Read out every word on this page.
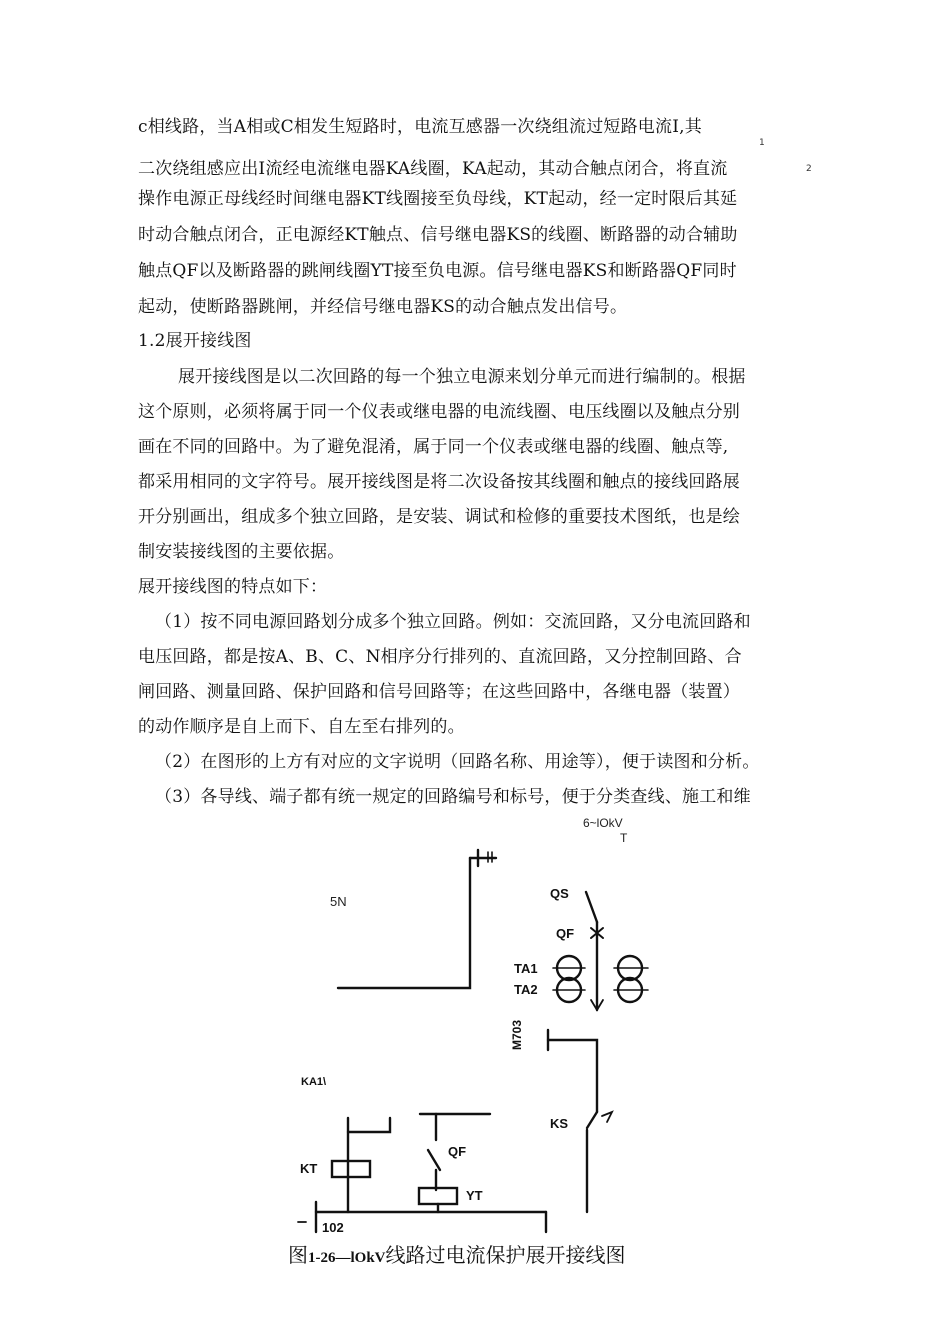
c相线路，当A相或C相发生短路时，电流互感器一次绕组流过短路电流I,其
1
二次绕组感应出I流经电流继电器KA线圈，KA起动，其动合触点闭合，将直流	2
操作电源正母线经时间继电器KT线圈接至负母线，KT起动，经一定时限后其延
时动合触点闭合，正电源经KT触点、信号继电器KS的线圈、断路器的动合辅助
触点QF以及断路器的跳闸线圈YT接至负电源。信号继电器KS和断路器QF同时
起动，使断路器跳闸，并经信号继电器KS的动合触点发出信号。
1.2展开接线图
展开接线图是以二次回路的每一个独立电源来划分单元而进行编制的。根据
这个原则，必须将属于同一个仪表或继电器的电流线圈、电压线圈以及触点分别
画在不同的回路中。为了避免混淆，属于同一个仪表或继电器的线圈、触点等,
都采用相同的文字符号。展开接线图是将二次设备按其线圈和触点的接线回路展
开分别画出，组成多个独立回路，是安装、调试和检修的重要技术图纸，也是绘
制安装接线图的主要依据。
展开接线图的特点如下：
（1）按不同电源回路划分成多个独立回路。例如：交流回路，又分电流回路和
电压回路，都是按A、B、C、N相序分行排列的、直流回路，又分控制回路、合
闸回路、测量回路、保护回路和信号回路等；在这些回路中，各继电器（装置）
的动作顺序是自上而下、自左至右排列的。
（2）在图形的上方有对应的文字说明（回路名称、用途等），便于读图和分析。
（3）各导线、端子都有统一规定的回路编号和标号，便于分类查线、施工和维
6~lOkV
T
5N
QS
QF
TA1
TA2
M703
KA1\
KS
QF
KT
YT
102
图1-26—lOkV线路过电流保护展开接线图
